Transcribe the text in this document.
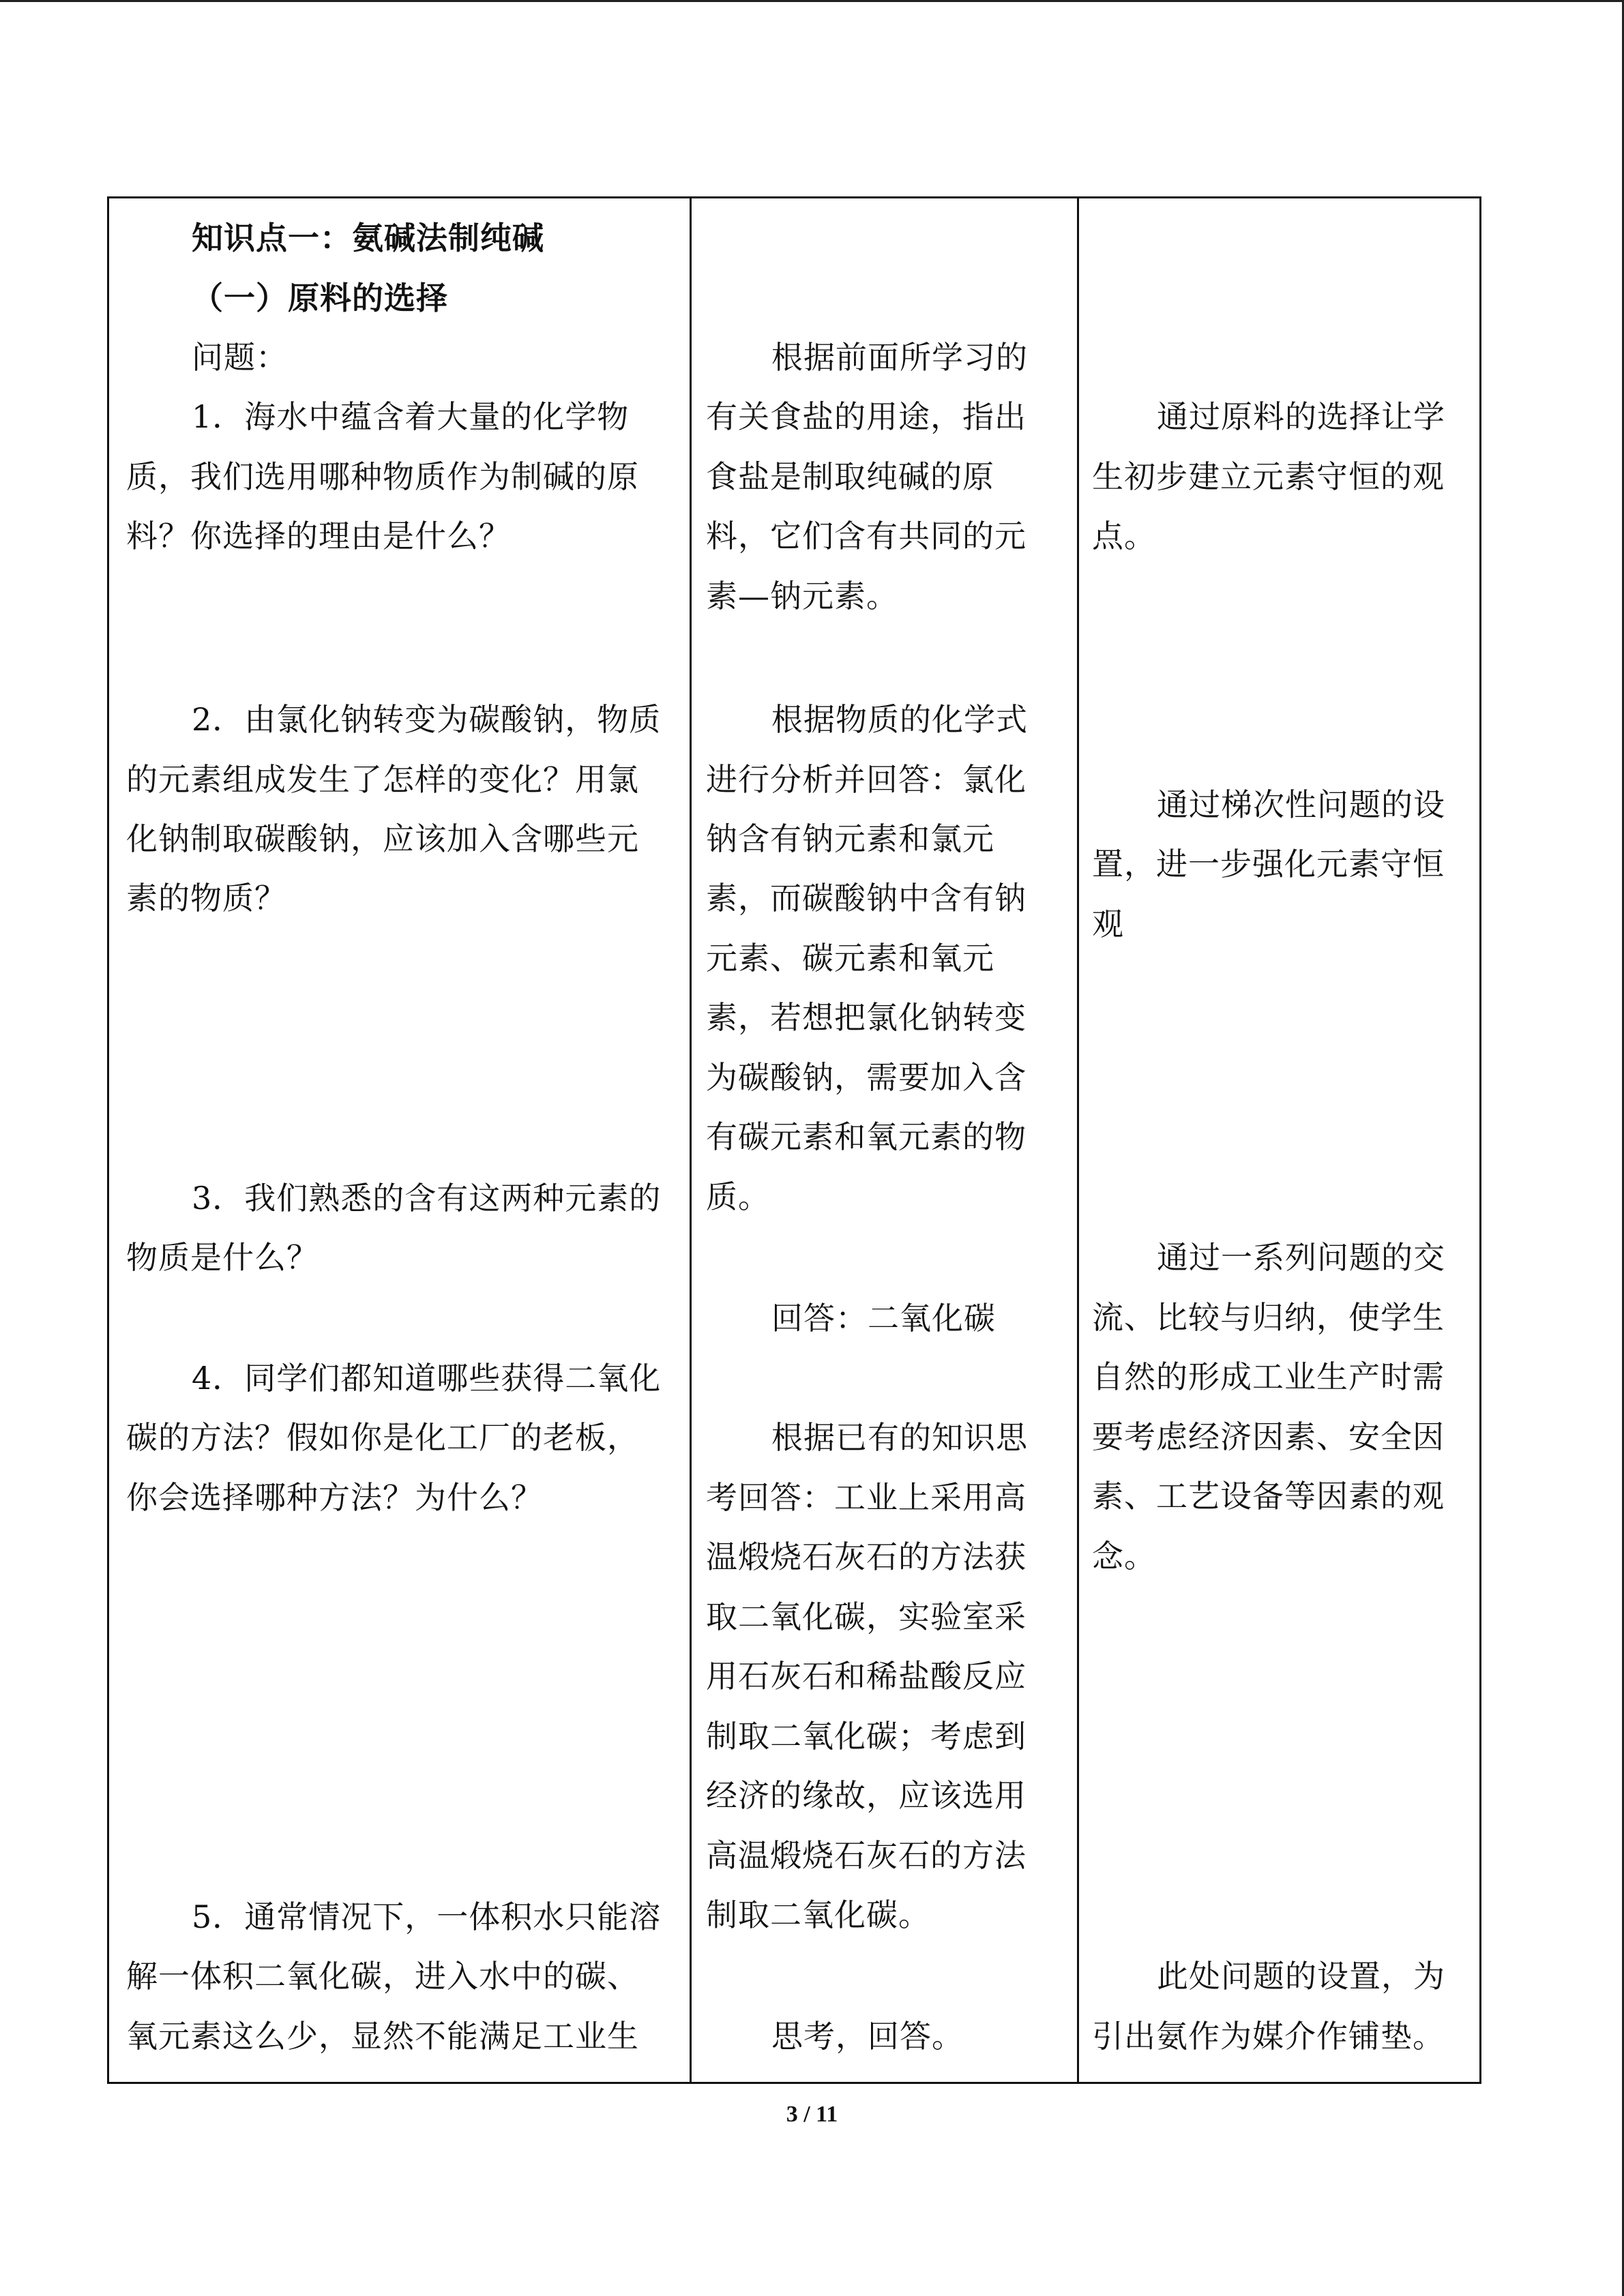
知识点一：氨碱法制纯碱
（一）原料的选择
问题：
1．海水中蕴含着大量的化学物
质，我们选用哪种物质作为制碱的原
料？你选择的理由是什么？
2．由氯化钠转变为碳酸钠，物质
的元素组成发生了怎样的变化？用氯
化钠制取碳酸钠，应该加入含哪些元
素的物质？
3．我们熟悉的含有这两种元素的
物质是什么？
4．同学们都知道哪些获得二氧化
碳的方法？假如你是化工厂的老板，
你会选择哪种方法？为什么？
5．通常情况下，一体积水只能溶
解一体积二氧化碳，进入水中的碳、
氧元素这么少，显然不能满足工业生
根据前面所学习的
有关食盐的用途，指出
食盐是制取纯碱的原
料，它们含有共同的元
素—钠元素。
根据物质的化学式
进行分析并回答：氯化
钠含有钠元素和氯元
素，而碳酸钠中含有钠
元素、碳元素和氧元
素，若想把氯化钠转变
为碳酸钠，需要加入含
有碳元素和氧元素的物
质。
回答：二氧化碳
根据已有的知识思
考回答：工业上采用高
温煅烧石灰石的方法获
取二氧化碳，实验室采
用石灰石和稀盐酸反应
制取二氧化碳；考虑到
经济的缘故，应该选用
高温煅烧石灰石的方法
制取二氧化碳。
思考，回答。
通过原料的选择让学
生初步建立元素守恒的观
点。
通过梯次性问题的设
置，进一步强化元素守恒
观
通过一系列问题的交
流、比较与归纳，使学生
自然的形成工业生产时需
要考虑经济因素、安全因
素、工艺设备等因素的观
念。
此处问题的设置，为
引出氨作为媒介作铺垫。
3 / 11
